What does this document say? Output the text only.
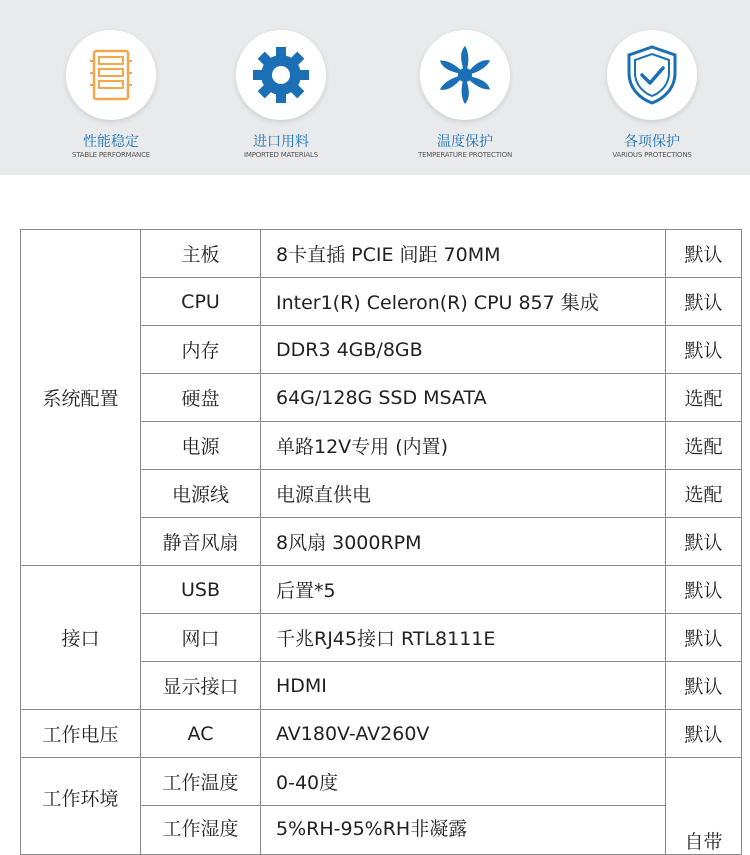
性能稳定
STABLE PERFORMANCE
进口用料
IMPORTED MATERIALS
温度保护
TEMPERATURE PROTECTION
各项保护
VARIOUS PROTECTIONS
系统配置	主板	8卡直插 PCIE 间距 70MM	默认
	CPU	Inter1(R) Celeron(R) CPU 857 集成	默认
	内存	DDR3 4GB/8GB	默认
	硬盘	64G/128G SSD MSATA	选配
	电源	单路12V专用 (内置)	选配
	电源线	电源直供电	选配
	静音风扇	8风扇 3000RPM	默认
接口	USB	后置*5	默认
	网口	千兆RJ45接口 RTL8111E	默认
	显示接口	HDMI	默认
工作电压	AC	AV180V-AV260V	默认
工作环境	工作温度	0-40度	自带
	工作湿度	5%RH-95%RH非凝露	
